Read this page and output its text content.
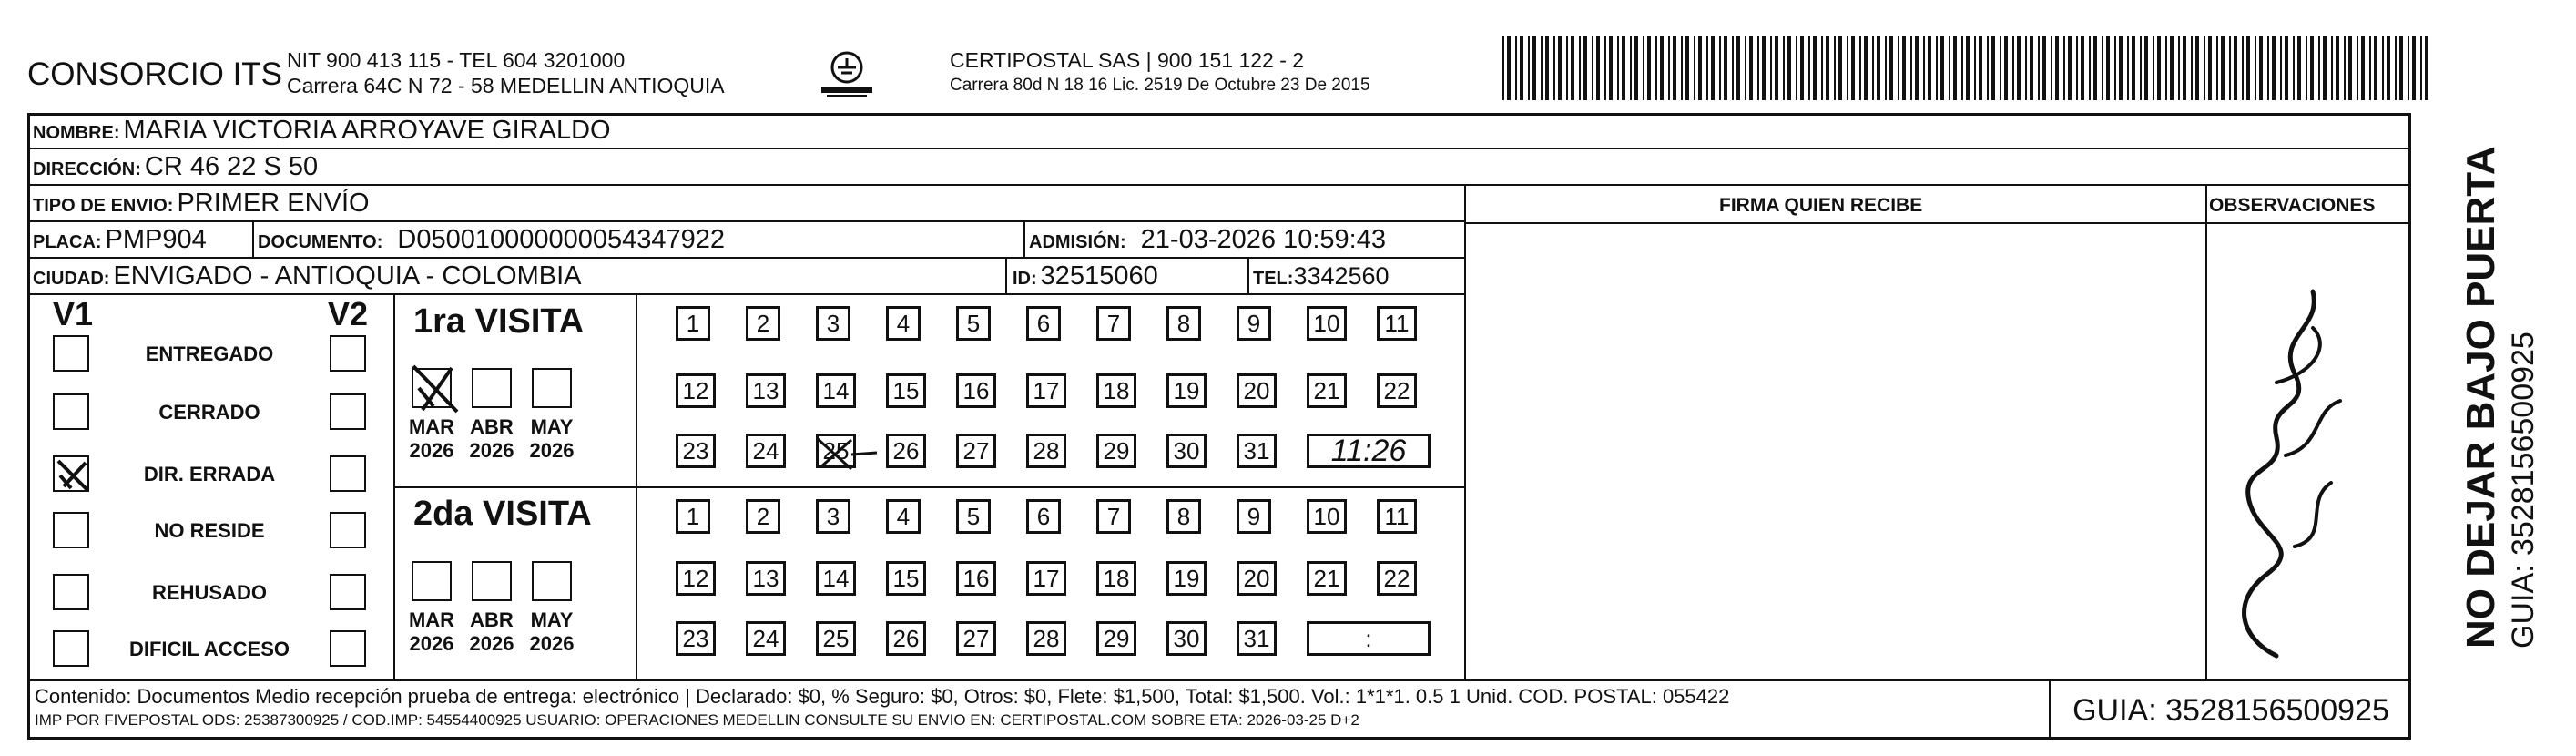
CONSORCIO ITS NIT 900 413 115 - TEL 604 3201000
Carrera 64C N 72 - 58 MEDELLIN ANTIOQUIA
CERTIPOSTAL SAS | 900 151 122 - 2
Carrera 80d N 18 16 Lic. 2519 De Octubre 23 De 2015
NOMBRE: MARIA VICTORIA ARROYAVE GIRALDO
DIRECCIÓN: CR 46 22 S 50
TIPO DE ENVIO: PRIMER ENVÍO
PLACA: PMP904	DOCUMENTO: D050010000000054347922	ADMISIÓN: 21-03-2026 10:59:43
CIUDAD: ENVIGADO - ANTIOQUIA - COLOMBIA	ID: 32515060	TEL:3342560
FIRMA QUIEN RECIBE	OBSERVACIONES
V1	V2
ENTREGADO
CERRADO
DIR. ERRADA
NO RESIDE
REHUSADO
DIFICIL ACCESO
1ra VISITA
2da VISITA
MAR
2026
ABR
2026
MAY
2026
MAR
2026
ABR
2026
MAY
2026
1	2	3	4	5	6	7	8	9	10	11
12 13 14 15 16 17 18 19 20 21 22
23 24 25 26 27 28 29 30 31	11:26
1	2	3	4	5	6	7	8	9	10	11
12 13 14 15 16 17 18 19 20 21 22
23 24 25 26 27 28 29 30 31	:
Contenido: Documentos Medio recepción prueba de entrega: electrónico | Declarado: $0, % Seguro: $0, Otros: $0, Flete: $1,500, Total: $1,500. Vol.: 1*1*1. 0.5 1 Unid. COD. POSTAL: 055422
IMP POR FIVEPOSTAL ODS: 25387300925 / COD.IMP: 54554400925 USUARIO: OPERACIONES MEDELLIN CONSULTE SU ENVIO EN: CERTIPOSTAL.COM SOBRE ETA: 2026-03-25 D+2	GUIA: 3528156500925
NO DEJAR BAJO PUERTA GUIA: 3528156500925
